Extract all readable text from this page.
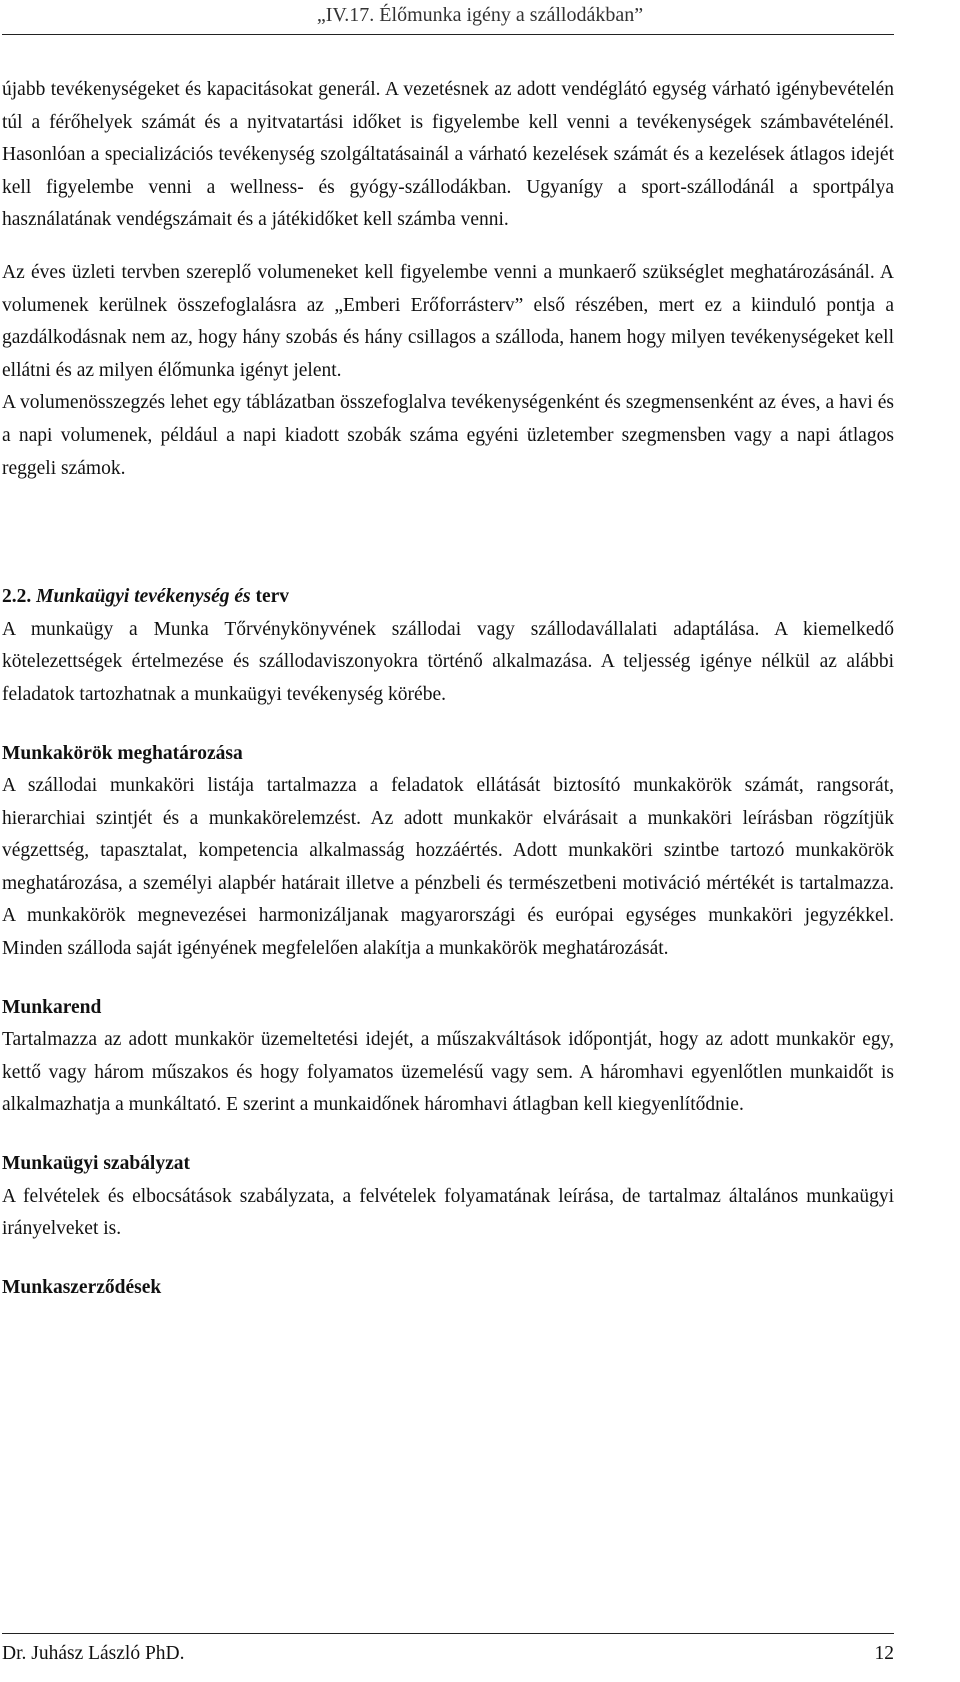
„IV.17. Élőmunka igény a szállodákban”

újabb tevékenységeket és kapacitásokat generál. A vezetésnek az adott vendéglátó egység várható igénybevételén túl a férőhelyek számát és a nyitvatartási időket is figyelembe kell venni a tevékenységek számbavételénél. Hasonlóan a specializációs tevékenység szolgáltatásainál a várható kezelések számát és a kezelések átlagos idejét kell figyelembe venni a wellness- és gyógy-szállodákban. Ugyanígy a sport-szállodánál a sportpálya használatának vendégszámait és a játékidőket kell számba venni.

Az éves üzleti tervben szereplő volumeneket kell figyelembe venni a munkaerő szükséglet meghatározásánál. A volumenek kerülnek összefoglalásra az „Emberi Erőforrásterv” első részében, mert ez a kiinduló pontja a gazdálkodásnak nem az, hogy hány szobás és hány csillagos a szálloda, hanem hogy milyen tevékenységeket kell ellátni és az milyen élőmunka igényt jelent.

A volumenösszegzés lehet egy táblázatban összefoglalva tevékenységenként és szegmensenként az éves, a havi és a napi volumenek, például a napi kiadott szobák száma egyéni üzletember szegmensben vagy a napi átlagos reggeli számok.

2.2. Munkaügyi tevékenység és terv

A munkaügy a Munka Tőrvénykönyvének szállodai vagy szállodavállalati adaptálása. A kiemelkedő kötelezettségek értelmezése és szállodaviszonyokra történő alkalmazása. A teljesség igénye nélkül az alábbi feladatok tartozhatnak a munkaügyi tevékenység körébe.

Munkakörök meghatározása

A szállodai munkaköri listája tartalmazza a feladatok ellátását biztosító munkakörök számát, rangsorát, hierarchiai szintjét és a munkakörelemzést. Az adott munkakör elvárásait a munkaköri leírásban rögzítjük végzettség, tapasztalat, kompetencia alkalmasság hozzáértés. Adott munkaköri szintbe tartozó munkakörök meghatározása, a személyi alapbér határait illetve a pénzbeli és természetbeni motiváció mértékét is tartalmazza. A munkakörök megnevezései harmonizáljanak magyarországi és európai egységes munkaköri jegyzékkel. Minden szálloda saját igényének megfelelően alakítja a munkakörök meghatározását.

Munkarend

Tartalmazza az adott munkakör üzemeltetési idejét, a műszakváltások időpontját, hogy az adott munkakör egy, kettő vagy három műszakos és hogy folyamatos üzemelésű vagy sem. A háromhavi egyenlőtlen munkaidőt is alkalmazhatja a munkáltató. E szerint a munkaidőnek háromhavi átlagban kell kiegyenlítődnie.

Munkaügyi szabályzat

A felvételek és elbocsátások szabályzata, a felvételek folyamatának leírása, de tartalmaz általános munkaügyi irányelveket is.

Munkaszerződések

Dr. Juhász László PhD.	12
